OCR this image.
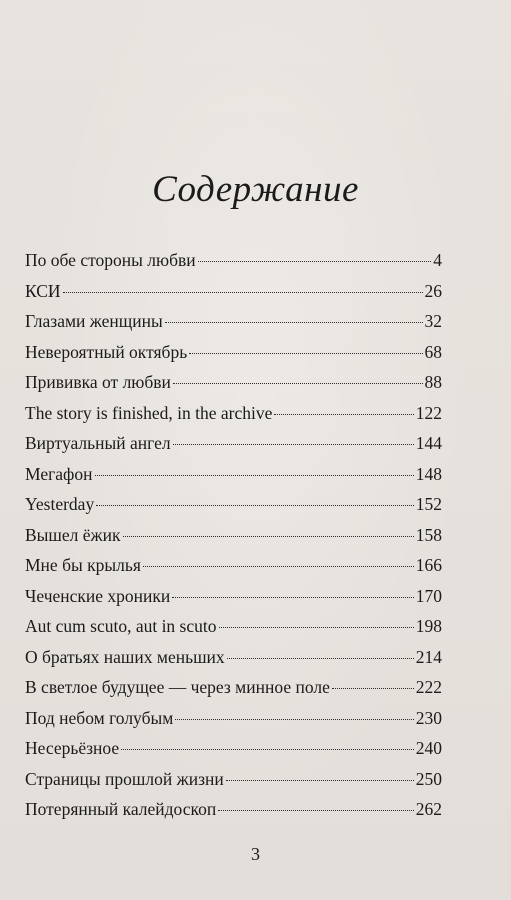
Содержание
По обе стороны любви	4
КСИ	26
Глазами женщины	32
Невероятный октябрь	68
Прививка от любви	88
The story is finished, in the archive	122
Виртуальный ангел	144
Мегафон	148
Yesterday	152
Вышел ёжик	158
Мне бы крылья	166
Чеченские хроники	170
Aut cum scuto, aut in scuto	198
О братьях наших меньших	214
В светлое будущее — через минное поле	222
Под небом голубым	230
Несерьёзное	240
Страницы прошлой жизни	250
Потерянный калейдоскоп	262
3
